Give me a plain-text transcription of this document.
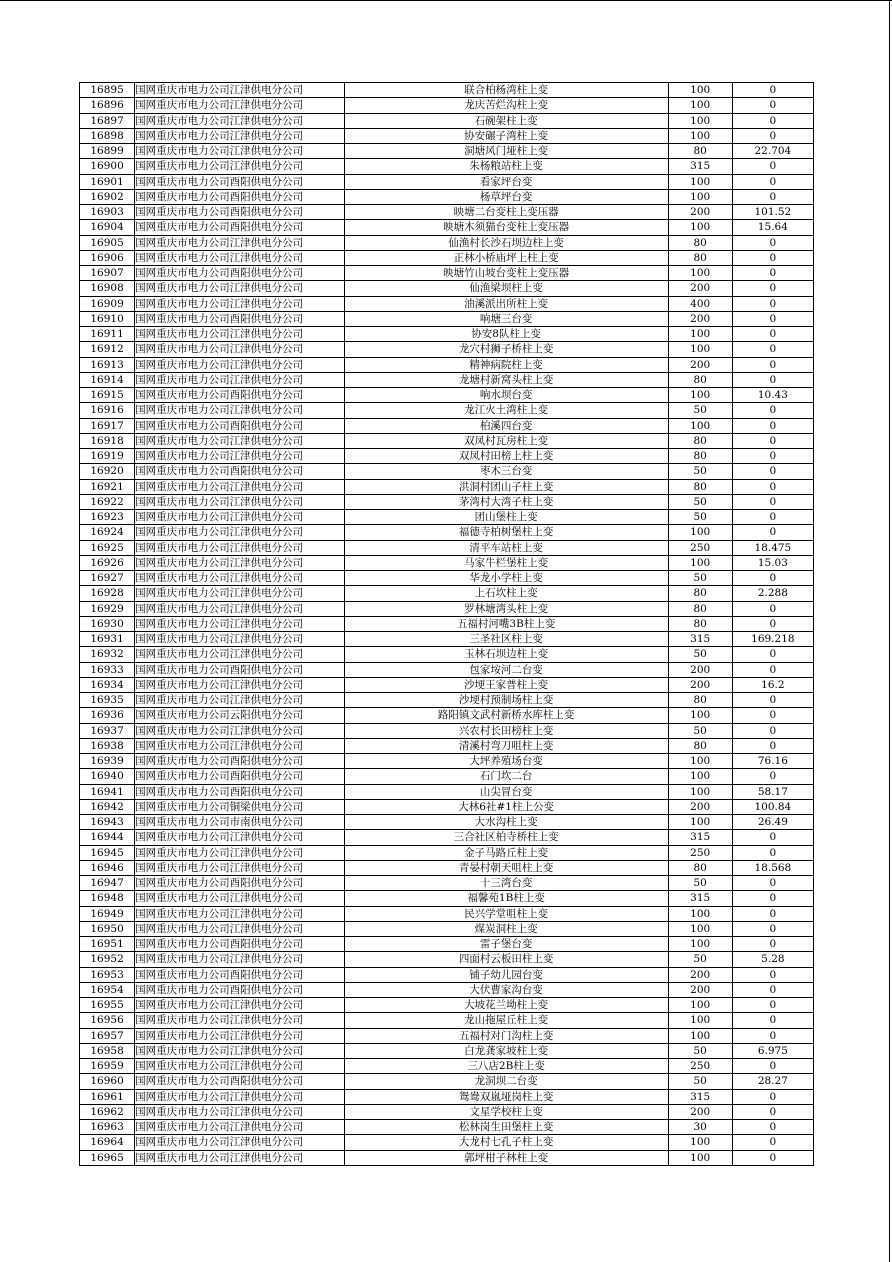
16895	国网重庆市电力公司江津供电分公司	联合柏杨湾柱上变	100	0
16896	国网重庆市电力公司江津供电分公司	龙庆苦烂沟柱上变	100	0
16897	国网重庆市电力公司江津供电分公司	石碗架柱上变	100	0
16898	国网重庆市电力公司江津供电分公司	协安碾子湾柱上变	100	0
16899	国网重庆市电力公司江津供电分公司	洞塘风门垭柱上变	80	22.704
16900	国网重庆市电力公司江津供电分公司	朱杨粮站柱上变	315	0
16901	国网重庆市电力公司酉阳供电分公司	看家坪台变	100	0
16902	国网重庆市电力公司酉阳供电分公司	杨草坪台变	100	0
16903	国网重庆市电力公司酉阳供电分公司	映塘二台变柱上变压器	200	101.52
16904	国网重庆市电力公司酉阳供电分公司	映塘木须猫台变柱上变压器	100	15.64
16905	国网重庆市电力公司江津供电分公司	仙渔村长沙石坝边柱上变	80	0
16906	国网重庆市电力公司江津供电分公司	正林小桥庙坪上柱上变	80	0
16907	国网重庆市电力公司酉阳供电分公司	映塘竹山坡台变柱上变压器	100	0
16908	国网重庆市电力公司江津供电分公司	仙渔梁坝柱上变	200	0
16909	国网重庆市电力公司江津供电分公司	油溪派出所柱上变	400	0
16910	国网重庆市电力公司酉阳供电分公司	响塘三台变	200	0
16911	国网重庆市电力公司江津供电分公司	协安8队柱上变	100	0
16912	国网重庆市电力公司江津供电分公司	龙穴村狮子桥柱上变	100	0
16913	国网重庆市电力公司江津供电分公司	精神病院柱上变	200	0
16914	国网重庆市电力公司江津供电分公司	龙塘村新窝头柱上变	80	0
16915	国网重庆市电力公司酉阳供电分公司	响水坝台变	100	10.43
16916	国网重庆市电力公司江津供电分公司	龙江火土湾柱上变	50	0
16917	国网重庆市电力公司酉阳供电分公司	柏溪四台变	100	0
16918	国网重庆市电力公司江津供电分公司	双凤村瓦房柱上变	80	0
16919	国网重庆市电力公司江津供电分公司	双凤村田榜上柱上变	80	0
16920	国网重庆市电力公司酉阳供电分公司	枣木三台变	50	0
16921	国网重庆市电力公司江津供电分公司	洪洞村团山子柱上变	80	0
16922	国网重庆市电力公司江津供电分公司	茅湾村大湾子柱上变	50	0
16923	国网重庆市电力公司江津供电分公司	团山堡柱上变	50	0
16924	国网重庆市电力公司江津供电分公司	福德寺柏树堡柱上变	100	0
16925	国网重庆市电力公司江津供电分公司	清平车站柱上变	250	18.475
16926	国网重庆市电力公司江津供电分公司	马家牛栏堡柱上变	100	15.03
16927	国网重庆市电力公司江津供电分公司	华龙小学柱上变	50	0
16928	国网重庆市电力公司江津供电分公司	上石坎柱上变	80	2.288
16929	国网重庆市电力公司江津供电分公司	罗林塘湾头柱上变	80	0
16930	国网重庆市电力公司江津供电分公司	五福村河嘴3B柱上变	80	0
16931	国网重庆市电力公司江津供电分公司	三圣社区柱上变	315	169.218
16932	国网重庆市电力公司江津供电分公司	玉林石坝边柱上变	50	0
16933	国网重庆市电力公司酉阳供电分公司	包家垵河二台变	200	0
16934	国网重庆市电力公司江津供电分公司	沙埂王家普柱上变	200	16.2
16935	国网重庆市电力公司江津供电分公司	沙埂村预制场柱上变	80	0
16936	国网重庆市电力公司云阳供电分公司	路阳镇文武村新桥水库柱上变	100	0
16937	国网重庆市电力公司江津供电分公司	兴农村长田榜柱上变	50	0
16938	国网重庆市电力公司江津供电分公司	清溪村弯刀咀柱上变	80	0
16939	国网重庆市电力公司酉阳供电分公司	大坪养殖场台变	100	76.16
16940	国网重庆市电力公司酉阳供电分公司	石门坎二台	100	0
16941	国网重庆市电力公司酉阳供电分公司	山尖冒台变	100	58.17
16942	国网重庆市电力公司铜梁供电分公司	大林6社#1柱上公变	200	100.84
16943	国网重庆市电力公司市南供电分公司	大水沟柱上变	100	26.49
16944	国网重庆市电力公司江津供电分公司	三合社区柏寺桥柱上变	315	0
16945	国网重庆市电力公司江津供电分公司	金子马路丘柱上变	250	0
16946	国网重庆市电力公司江津供电分公司	青晏村朝天咀柱上变	80	18.568
16947	国网重庆市电力公司酉阳供电分公司	十三湾台变	50	0
16948	国网重庆市电力公司江津供电分公司	福馨苑1B柱上变	315	0
16949	国网重庆市电力公司江津供电分公司	民兴学堂咀柱上变	100	0
16950	国网重庆市电力公司江津供电分公司	煤炭洞柱上变	100	0
16951	国网重庆市电力公司酉阳供电分公司	雷子堡台变	100	0
16952	国网重庆市电力公司江津供电分公司	四面村云板田柱上变	50	5.28
16953	国网重庆市电力公司酉阳供电分公司	铺子幼儿园台变	200	0
16954	国网重庆市电力公司酉阳供电分公司	大伏曹家沟台变	200	0
16955	国网重庆市电力公司江津供电分公司	大坡花兰坳柱上变	100	0
16956	国网重庆市电力公司江津供电分公司	龙山拖屋丘柱上变	100	0
16957	国网重庆市电力公司江津供电分公司	五福村对门沟柱上变	100	0
16958	国网重庆市电力公司江津供电分公司	白龙龚家坡柱上变	50	6.975
16959	国网重庆市电力公司江津供电分公司	三八店2B柱上变	250	0
16960	国网重庆市电力公司酉阳供电分公司	龙洞坝二台变	50	28.27
16961	国网重庆市电力公司江津供电分公司	鸳鸯双嵐垭岗柱上变	315	0
16962	国网重庆市电力公司江津供电分公司	文星学校柱上变	200	0
16963	国网重庆市电力公司江津供电分公司	松林岗生田堡柱上变	30	0
16964	国网重庆市电力公司江津供电分公司	大龙村七孔子柱上变	100	0
16965	国网重庆市电力公司江津供电分公司	郭坪柑子林柱上变	100	0
